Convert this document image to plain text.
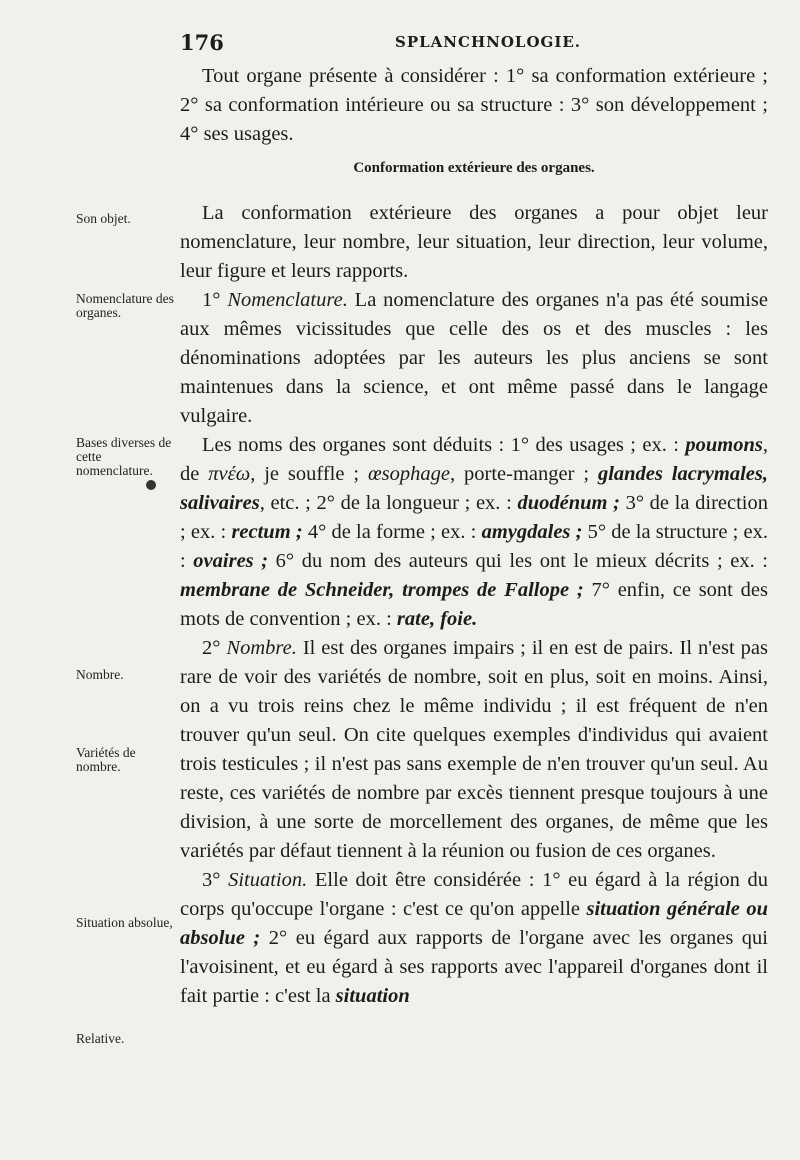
176	SPLANCHNOLOGIE.

Tout organe présente à considérer : 1° sa conformation extérieure ; 2° sa conformation intérieure ou sa structure : 3° son développement ; 4° ses usages.

Conformation extérieure des organes.
Son objet.
Nomenclature des organes.
Bases diverses de cette nomenclature.
Nombre.
Variétés de nombre.
Situation absolue,
Relative.

La conformation extérieure des organes a pour objet leur nomenclature, leur nombre, leur situation, leur direction, leur volume, leur figure et leurs rapports.

1° Nomenclature. La nomenclature des organes n'a pas été soumise aux mêmes vicissitudes que celle des os et des muscles : les dénominations adoptées par les auteurs les plus anciens se sont maintenues dans la science, et ont même passé dans le langage vulgaire.

Les noms des organes sont déduits : 1° des usages ; ex. : poumons, de πνέω, je souffle ; œsophage, porte-manger ; glandes lacrymales, salivaires, etc. ; 2° de la longueur ; ex. : duodénum ; 3° de la direction ; ex. : rectum ; 4° de la forme ; ex. : amygdales ; 5° de la structure ; ex. : ovaires ; 6° du nom des auteurs qui les ont le mieux décrits ; ex. : membrane de Schneider, trompes de Fallope ; 7° enfin, ce sont des mots de convention ; ex. : rate, foie.

2° Nombre. Il est des organes impairs ; il en est de pairs. Il n'est pas rare de voir des variétés de nombre, soit en plus, soit en moins. Ainsi, on a vu trois reins chez le même individu ; il est fréquent de n'en trouver qu'un seul. On cite quelques exemples d'individus qui avaient trois testicules ; il n'est pas sans exemple de n'en trouver qu'un seul. Au reste, ces variétés de nombre par excès tiennent presque toujours à une division, à une sorte de morcellement des organes, de même que les variétés par défaut tiennent à la réunion ou fusion de ces organes.

3° Situation. Elle doit être considérée : 1° eu égard à la région du corps qu'occupe l'organe : c'est ce qu'on appelle situation générale ou absolue ; 2° eu égard aux rapports de l'organe avec les organes qui l'avoisinent, et eu égard à ses rapports avec l'appareil d'organes dont il fait partie : c'est la situation
